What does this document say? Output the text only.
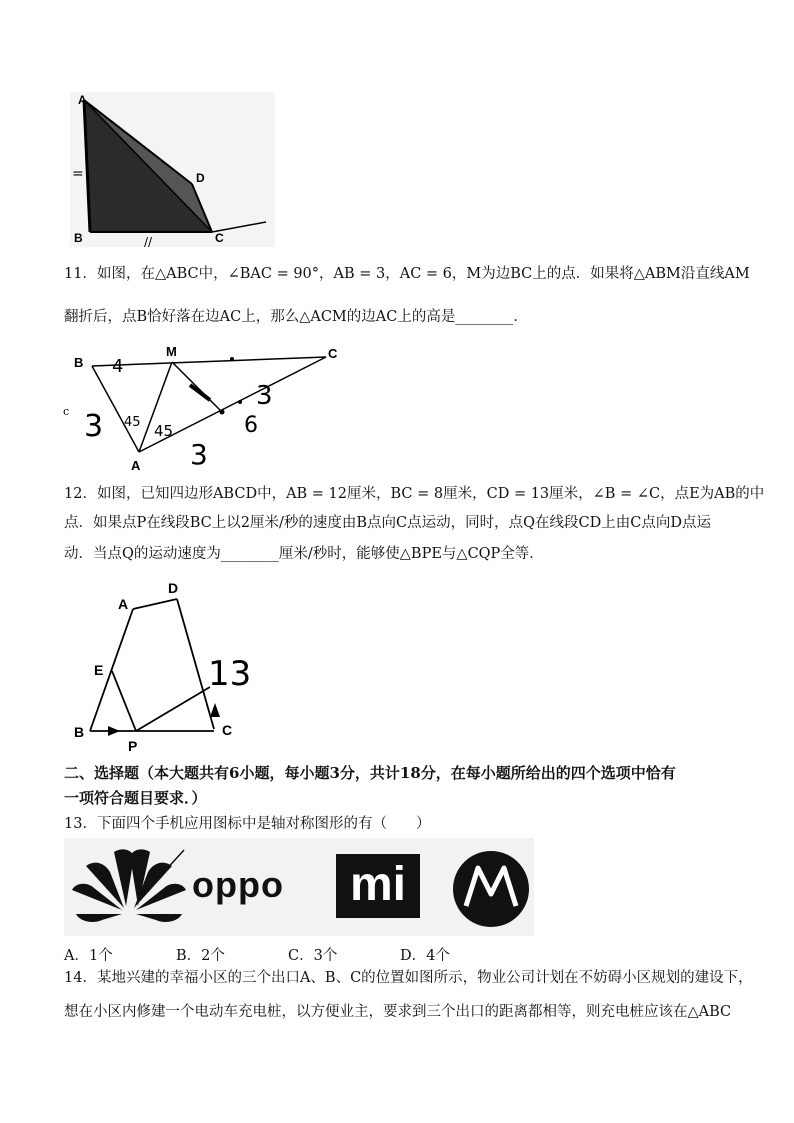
A
B	C
D
=
//
11．如图，在△ABC中，∠BAC = 90°，AB = 3，AC = 6，M为边BC上的点．如果将△ABM沿直线AM
翻折后，点B恰好落在边AC上，那么△ACM的边AC上的高是________．
B
M	C
A
c
4
3 45 45
3
3
6
12．如图，已知四边形ABCD中，AB = 12厘米，BC = 8厘米，CD = 13厘米，∠B = ∠C，点E为AB的中
点．如果点P在线段BC上以2厘米/秒的速度由B点向C点运动，同时，点Q在线段CD上由C点向D点运
动．当点Q的运动速度为________厘米/秒时，能够使△BPE与△CQP全等．
A
D
E
B
P
C
13
二、选择题（本大题共有6小题，每小题3分，共计18分，在每小题所给出的四个选项中恰有
一项符合题目要求．）
13．下面四个手机应用图标中是轴对称图形的有（　　）
oppo mi
A．1个	B．2个	C．3个	D．4个
14．某地兴建的幸福小区的三个出口A、B、C的位置如图所示，物业公司计划在不妨碍小区规划的建设下，
想在小区内修建一个电动车充电桩，以方便业主，要求到三个出口的距离都相等，则充电桩应该在△ABC
